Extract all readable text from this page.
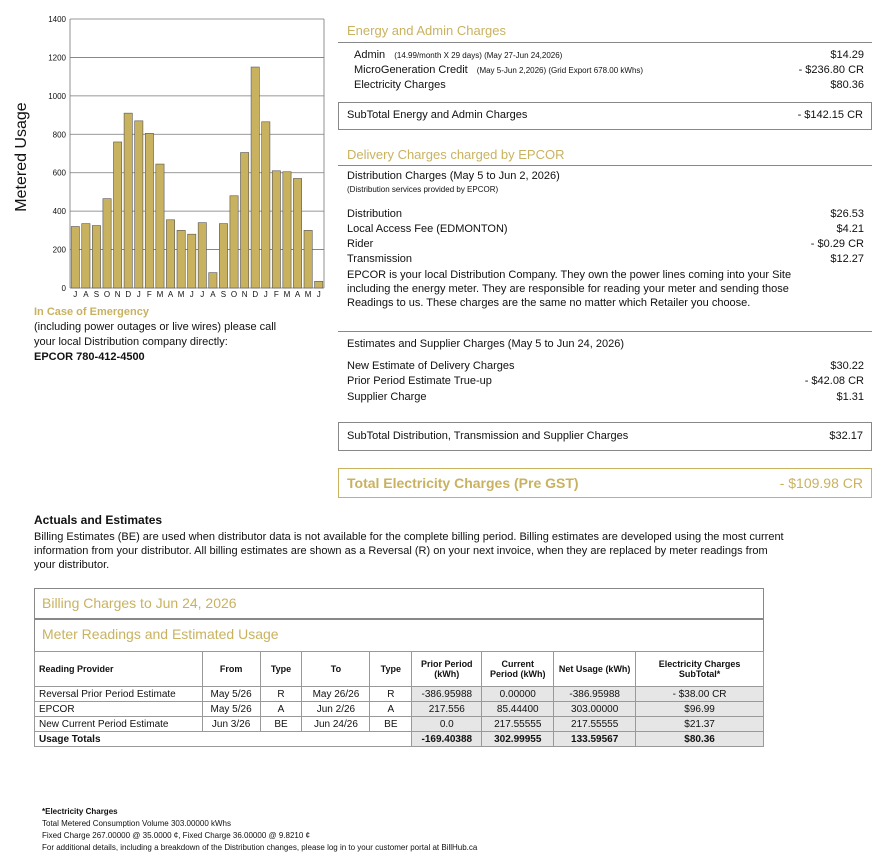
Metered Usage
0
200
400
600
800
1000
1200
1400
J A S O N D J F M A M J J A S O N D J F M A M J
In Case of Emergency
(including power outages or live wires) please call
your local Distribution company directly:
EPCOR 780-412-4500
Energy and Admin Charges
Admin (14.99/month X 29 days) (May 27-Jun 24,2026)	$14.29
MicroGeneration Credit (May 5-Jun 2,2026) (Grid Export 678.00 kWhs)	- $236.80 CR
Electricity Charges	$80.36
SubTotal Energy and Admin Charges	- $142.15 CR
Delivery Charges charged by EPCOR
Distribution Charges (May 5 to Jun 2, 2026)
(Distribution services provided by EPCOR)
Distribution	$26.53
Local Access Fee (EDMONTON)	$4.21
Rider	- $0.29 CR
Transmission	$12.27
EPCOR is your local Distribution Company. They own the power lines coming into your Site
including the energy meter. They are responsible for reading your meter and sending those
Readings to us. These charges are the same no matter which Retailer you choose.
Estimates and Supplier Charges (May 5 to Jun 24, 2026)
New Estimate of Delivery Charges	$30.22
Prior Period Estimate True-up	- $42.08 CR
Supplier Charge	$1.31
SubTotal Distribution, Transmission and Supplier Charges	$32.17
Total Electricity Charges (Pre GST)	- $109.98 CR
Actuals and Estimates
Billing Estimates (BE) are used when distributor data is not available for the complete billing period. Billing estimates are developed using the most current
information from your distributor. All billing estimates are shown as a Reversal (R) on your next invoice, when they are replaced by meter readings from
your distributor.
Billing Charges to Jun 24, 2026
Meter Readings and Estimated Usage
Reading Provider	From	Type	To	Type	Prior Period (kWh)	Current Period (kWh)	Net Usage (kWh)	Electricity Charges SubTotal*
Reversal Prior Period Estimate	May 5/26	R	May 26/26	R	-386.95988	0.00000	-386.95988	- $38.00 CR
EPCOR	May 5/26	A	Jun 2/26	A	217.556	85.44400	303.00000	$96.99
New Current Period Estimate	Jun 3/26	BE	Jun 24/26	BE	0.0	217.55555	217.55555	$21.37
Usage Totals					-169.40388	302.99955	133.59567	$80.36
*Electricity Charges
Total Metered Consumption Volume 303.00000 kWhs
Fixed Charge 267.00000 @ 35.0000 ¢, Fixed Charge 36.00000 @ 9.8210 ¢
For additional details, including a breakdown of the Distribution changes, please log in to your customer portal at BillHub.ca
